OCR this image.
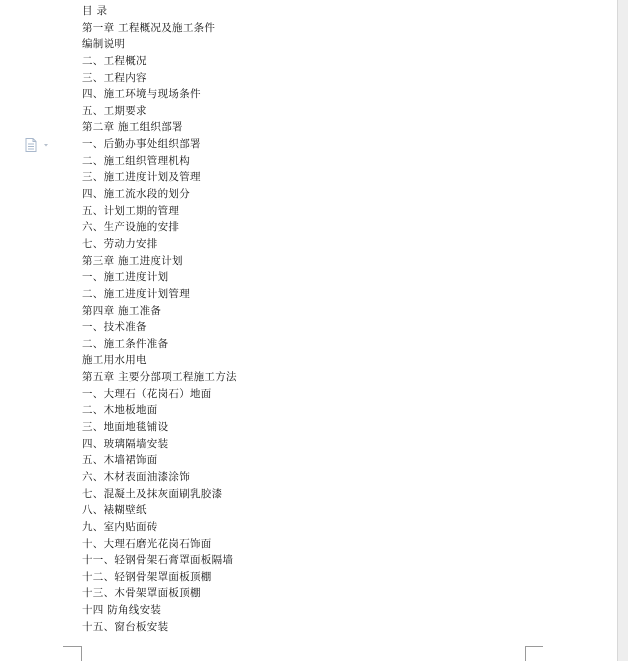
目 录
第一章 工程概况及施工条件
编制说明
二、工程概况
三、工程内容
四、施工环境与现场条件
五、工期要求
第二章 施工组织部署
一、后勤办事处组织部署
二、施工组织管理机构
三、施工进度计划及管理
四、施工流水段的划分
五、计划工期的管理
六、生产设施的安排
七、劳动力安排
第三章 施工进度计划
一、施工进度计划
二、施工进度计划管理
第四章 施工准备
一、技术准备
二、施工条件准备
施工用水用电
第五章 主要分部项工程施工方法
一、大理石（花岗石）地面
二、木地板地面
三、地面地毯铺设
四、玻璃隔墙安装
五、木墙裙饰面
六、木材表面油漆涂饰
七、混凝土及抹灰面刷乳胶漆
八、裱糊壁纸
九、室内贴面砖
十、大理石磨光花岗石饰面
十一、轻钢骨架石膏罩面板隔墙
十二、轻钢骨架罩面板顶棚
十三、木骨架罩面板顶棚
十四 防角线安装
十五、窗台板安装
